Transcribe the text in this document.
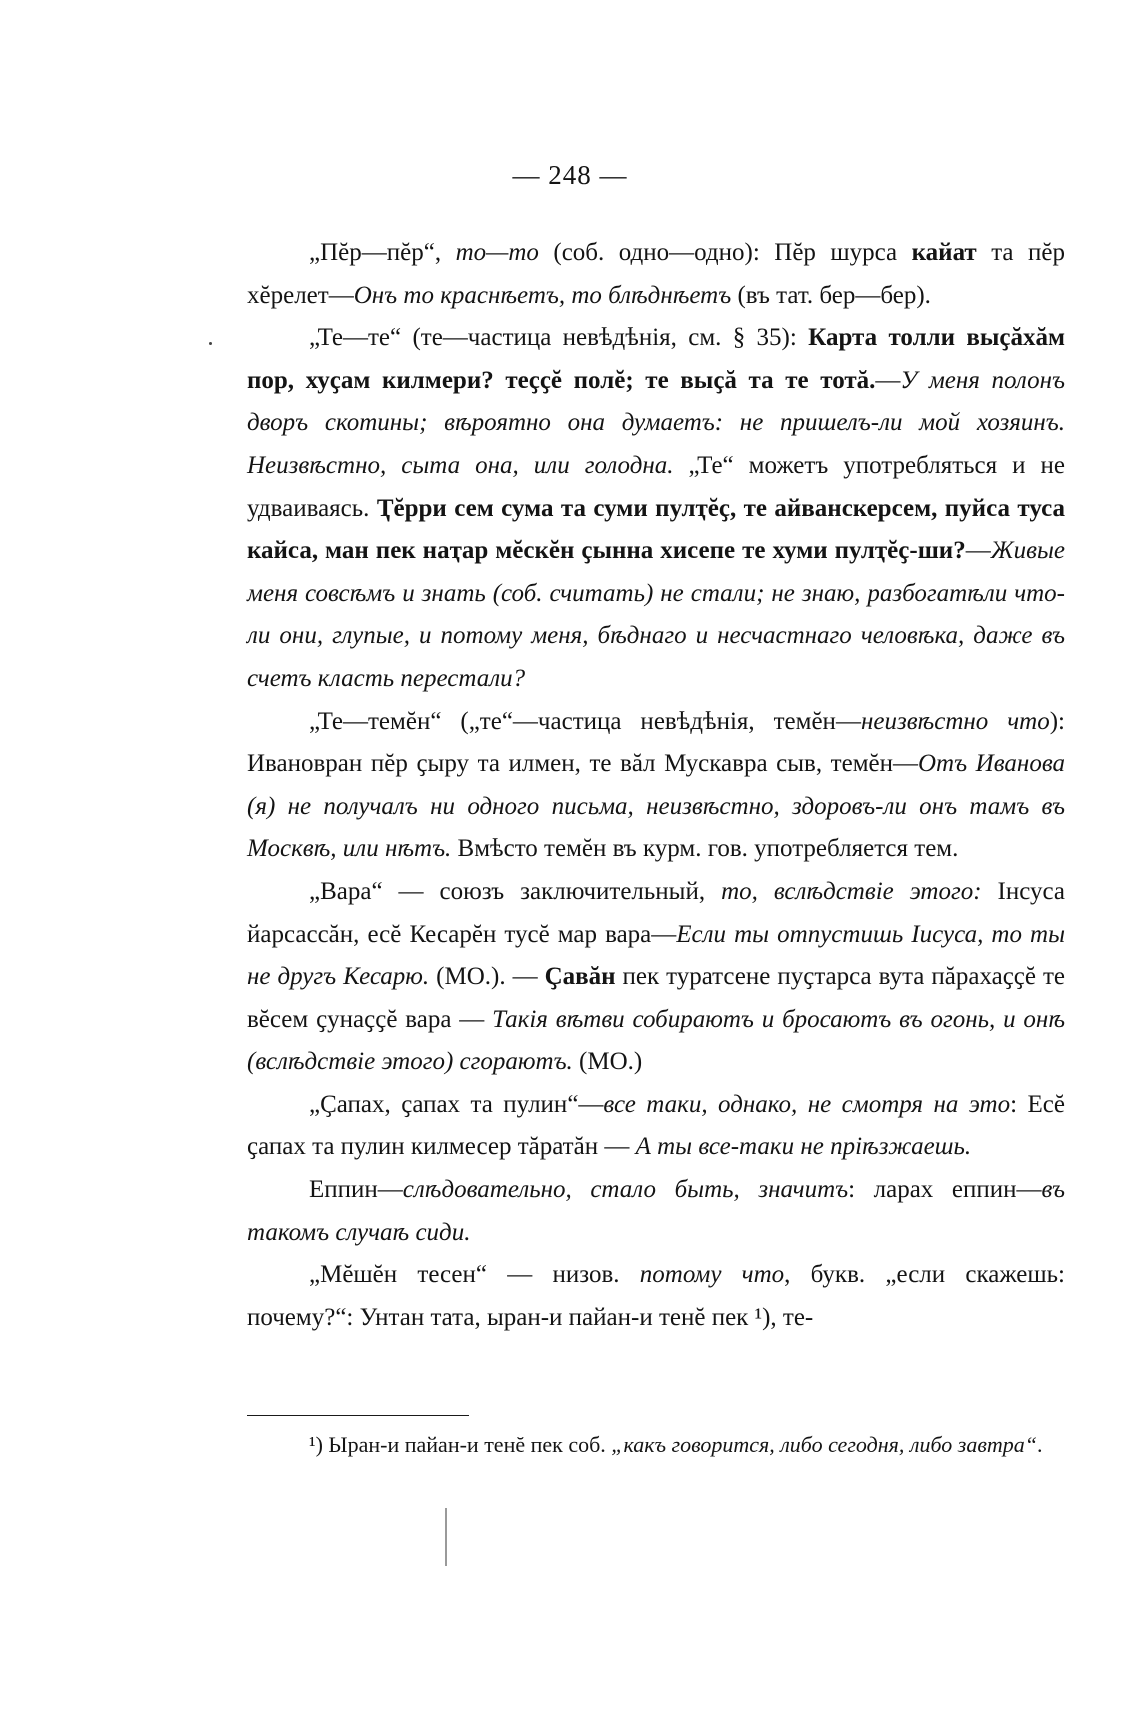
— 248 —

„Пĕр—пĕр“, то—то (соб. одно—одно): Пĕр шурса кайат та пĕр хĕрелет—Онъ то краснѣетъ, то блѣднѣетъ (въ тат. бер—бер).

„Те—те“ (те—частица невѣдѣнія, см. § 35): Карта толли выҫăхăм пор, хуҫам килмери? теҫҫĕ полĕ; те выҫă та те тотă.—У меня полонъ дворъ скотины; вѣроятно она думаетъ: не пришелъ-ли мой хозяинъ. Неизвѣстно, сыта она, или голодна. „Те“ можетъ употребляться и не удваиваясь. Ҭĕрри сем сума та суми пулҭĕҫ, те айванскерсем, пуйса туса кайса, ман пек наҭар мĕскĕн ҫынна хисепе те хуми пулҭĕҫ-ши?—Живые меня совсѣмъ и знать (соб. считать) не стали; не знаю, разбогатѣли что-ли они, глупые, и потому меня, бѣднаго и несчастнаго человѣка, даже въ счетъ класть перестали?

„Те—темĕн“ („те“—частица невѣдѣнія, темĕн—неизвѣстно что): Ивановран пĕр ҫыру та илмен, те вăл Мускавра сыв, темĕн—Отъ Иванова (я) не получалъ ни одного письма, неизвѣстно, здоровъ-ли онъ тамъ въ Москвѣ, или нѣтъ. Вмѣсто темĕн въ курм. гов. употребляется тем.

„Вара“ — союзъ заключительный, то, вслѣдствіе этого: Інсуса йарсассăн, есĕ Кесарĕн тусĕ мар вара—Если ты отпустишь Іисуса, то ты не другъ Кесарю. (МО.). — Ҫавăн пек туратсене пуҫтарса вута пăрахаҫҫĕ те вĕсем ҫунаҫҫĕ вара — Такія вѣтви собираютъ и бросаютъ въ огонь, и онѣ (вслѣдствіе этого) сгораютъ. (МО.)

„Ҫапах, ҫапах та пулин“—все таки, однако, не смотря на это: Есĕ ҫапах та пулин килмесер тăратăн — А ты все-таки не пріѣзжаешь.

Еппин—слѣдовательно, стало быть, значитъ: ларах еппин—въ такомъ случаѣ сиди.

„Мĕшĕн тесен“ — низов. потому что, букв. „если скажешь: почему?“: Унтан тата, ыран-и пайан-и тенĕ пек ¹), те-

¹) Ыран-и пайан-и тенĕ пек соб. „какъ говорится, либо сегодня, либо завтра“.
